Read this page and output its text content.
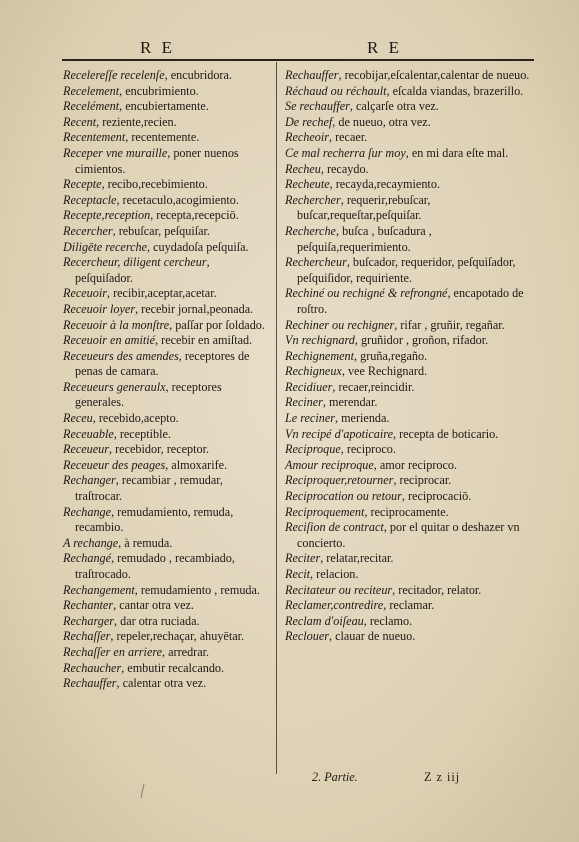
R E	R E

Recelereſſe recelenſe, encubridora.

Recelement, encubrimiento.

Recelément, encubiertamente.

Recent, reziente,recien.

Recentement, recentemente.

Receper vne muraille, poner nuenos cimientos.

Recepte, recibo,recebimiento.

Receptacle, recetaculo,acogimiento.

Recepte,reception, recepta,recepciō.

Recercher, rebuſcar, peſquiſar.

Diligēte recerche, cuydadoſa peſquiſa.

Recercheur, diligent cercheur, peſquiſador.

Receuoir, recibir,aceptar,acetar.

Receuoir loyer, recebir jornal,peonada.

Receuoir à la monſtre, paſſar por ſoldado.

Receuoir en amitié, recebir en amiſtad.

Receueurs des amendes, receptores de penas de camara.

Receueurs generaulx, receptores generales.

Receu, recebido,acepto.

Receuable, receptible.

Receueur, recebidor, receptor.

Receueur des peages, almoxarife.

Rechanger, recambiar , remudar, traſtrocar.

Rechange, remudamiento, remuda, recambio.

A rechange, à remuda.

Rechangé, remudado , recambiado, traſtrocado.

Rechangement, remudamiento , remuda.

Rechanter, cantar otra vez.

Recharger, dar otra ruciada.

Rechaſſer, repeler,rechaçar, ahuyētar.

Rechaſſer en arriere, arredrar.

Rechaucher, embutir recalcando.

Rechauffer, calentar otra vez.

Rechauffer, recobijar,eſcalentar,calentar de nueuo.

Réchaud ou réchault, eſcalda viandas, brazerillo.

Se rechauffer, calçarſe otra vez.

De rechef, de nueuo, otra vez.

Recheoir, recaer.

Ce mal recherra ſur moy, en mi dara eſte mal.

Recheu, recaydo.

Recheute, recayda,recaymiento.

Rechercher, requerir,rebuſcar, buſcar,requeſtar,peſquiſar.

Recherche, buſca , buſcadura , peſquiſa,requerimiento.

Rechercheur, buſcador, requeridor, peſquiſador, peſquiſidor, requiriente.

Rechiné ou rechigné & refrongné, encapotado de roſtro.

Rechiner ou rechigner, rifar , gruñir, regañar.

Vn rechignard, gruñidor , groñon, rifador.

Rechignement, gruña,regaño.

Rechigneux, vee Rechignard.

Recidiuer, recaer,reincidir.

Reciner, merendar.

Le reciner, merienda.

Vn recipé d'apoticaire, recepta de boticario.

Reciproque, reciproco.

Amour reciproque, amor reciproco.

Reciproquer,retourner, reciprocar.

Reciprocation ou retour, reciprocaciō.

Reciproquement, reciprocamente.

Reciſion de contract, por el quitar o deshazer vn concierto.

Reciter, relatar,recitar.

Recit, relacion.

Recitateur ou reciteur, recitador, relator.

Reclamer,contredire, reclamar.

Reclam d'oiſeau, reclamo.

Reclouer, clauar de nueuo.

2. Partie.	Z z iij
